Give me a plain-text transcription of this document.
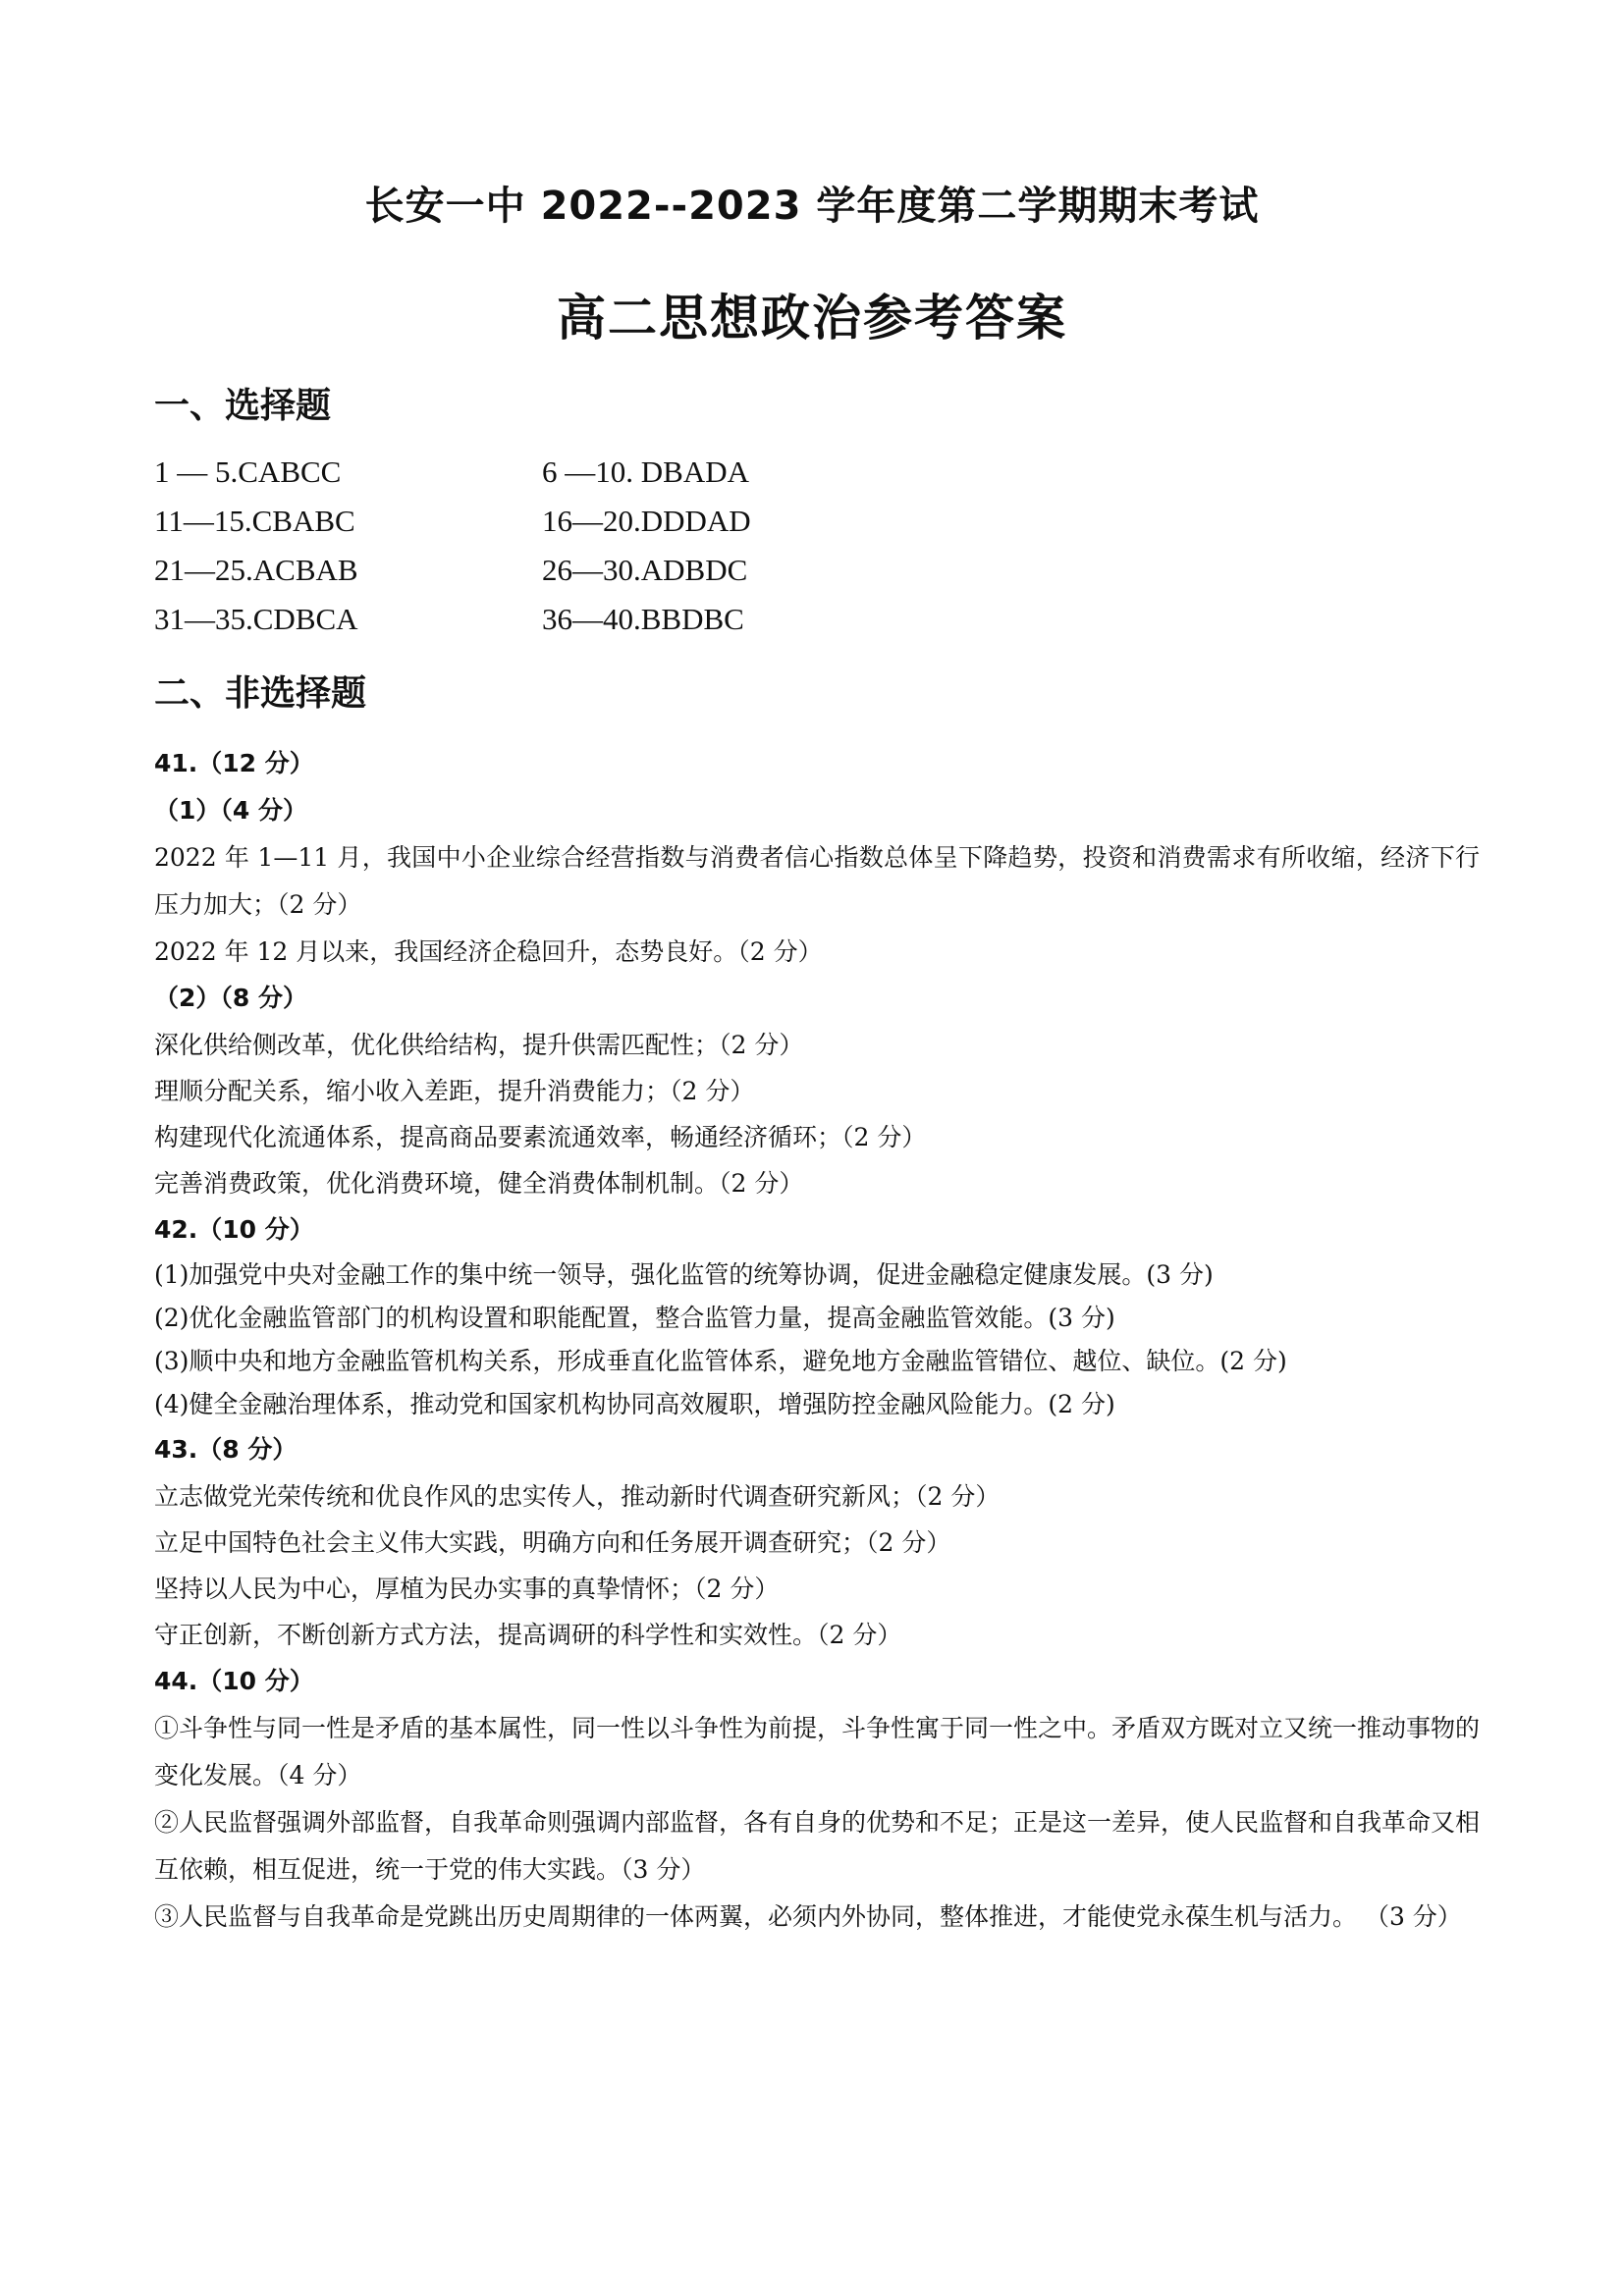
长安一中 2022--2023 学年度第二学期期末考试
高二思想政治参考答案
一、选择题
1 — 5.CABCC	6 —10. DBADA
11—15.CBABC	16—20.DDDAD
21—25.ACBAB	26—30.ADBDC
31—35.CDBCA	36—40.BBDBC
二、非选择题
41.（12 分）
（1）（4 分）
2022 年 1—11 月，我国中小企业综合经营指数与消费者信心指数总体呈下降趋势，投资和消费需求有所收缩，经济下行压力加大；（2 分）
2022 年 12 月以来，我国经济企稳回升，态势良好。（2 分）
（2）（8 分）
深化供给侧改革，优化供给结构，提升供需匹配性；（2 分）
理顺分配关系，缩小收入差距，提升消费能力；（2 分）
构建现代化流通体系，提高商品要素流通效率，畅通经济循环；（2 分）
完善消费政策，优化消费环境，健全消费体制机制。（2 分）
42.（10 分）
(1)加强党中央对金融工作的集中统一领导，强化监管的统筹协调，促进金融稳定健康发展。(3 分)
(2)优化金融监管部门的机构设置和职能配置，整合监管力量，提高金融监管效能。(3 分)
(3)顺中央和地方金融监管机构关系，形成垂直化监管体系，避免地方金融监管错位、越位、缺位。(2 分)
(4)健全金融治理体系，推动党和国家机构协同高效履职，增强防控金融风险能力。(2 分)
43.（8 分）
立志做党光荣传统和优良作风的忠实传人，推动新时代调查研究新风；（2 分）
立足中国特色社会主义伟大实践，明确方向和任务展开调查研究；（2 分）
坚持以人民为中心，厚植为民办实事的真挚情怀；（2 分）
守正创新，不断创新方式方法，提高调研的科学性和实效性。（2 分）
44.（10 分）
①斗争性与同一性是矛盾的基本属性，同一性以斗争性为前提，斗争性寓于同一性之中。矛盾双方既对立又统一推动事物的变化发展。（4 分）
②人民监督强调外部监督，自我革命则强调内部监督，各有自身的优势和不足；正是这一差异，使人民监督和自我革命又相互依赖，相互促进，统一于党的伟大实践。（3 分）
③人民监督与自我革命是党跳出历史周期律的一体两翼，必须内外协同，整体推进，才能使党永葆生机与活力。 （3 分）
